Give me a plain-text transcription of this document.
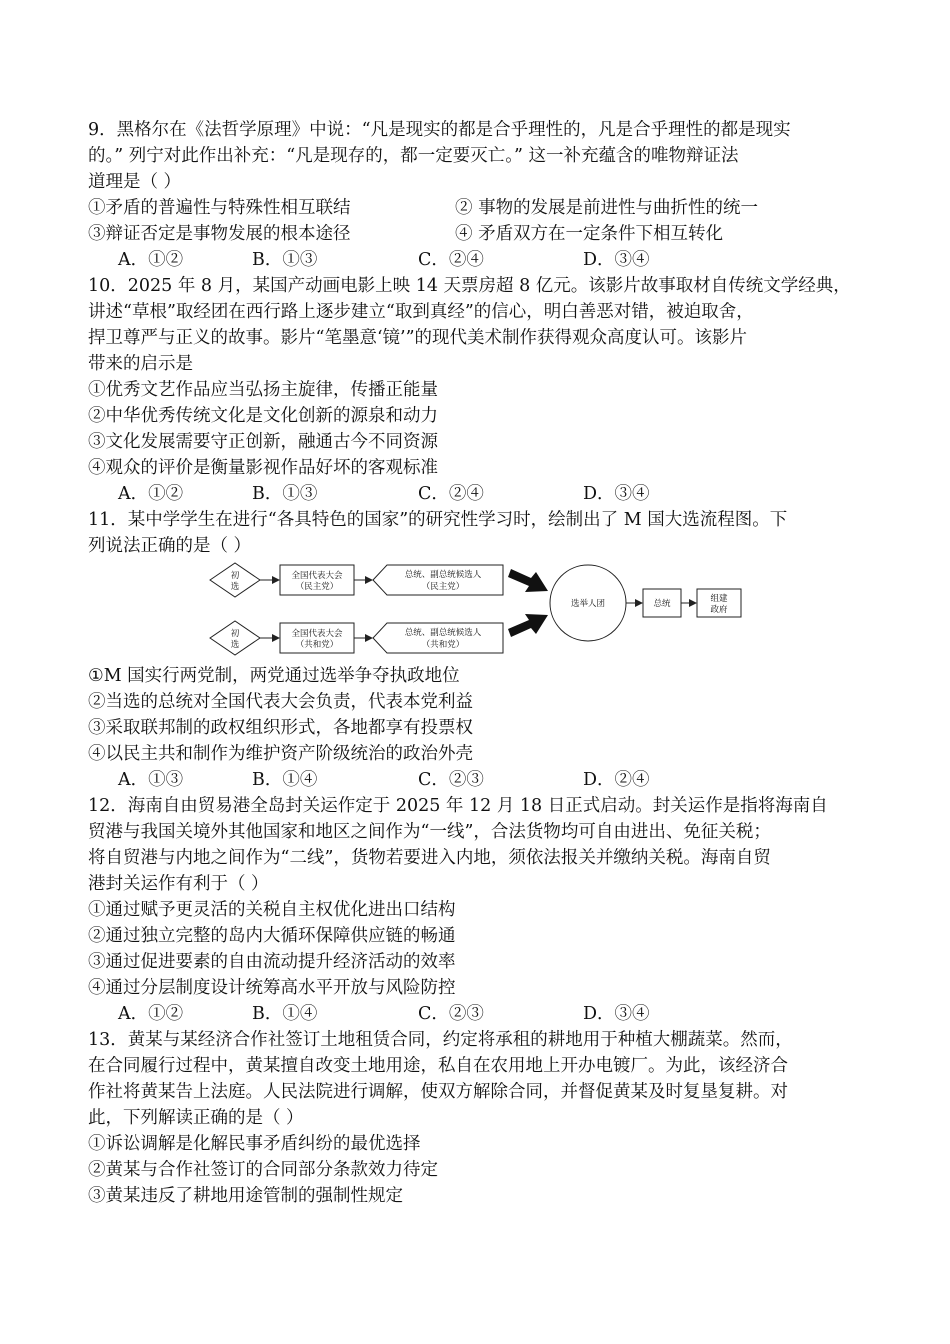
9．黑格尔在《法哲学原理》中说：“凡是现实的都是合乎理性的，凡是合乎理性的都是现实
的。” 列宁对此作出补充：“凡是现存的，都一定要灭亡。” 这一补充蕴含的唯物辩证法
道理是（ ）
①矛盾的普遍性与特殊性相互联结	② 事物的发展是前进性与曲折性的统一
③辩证否定是事物发展的根本途径	④ 矛盾双方在一定条件下相互转化
A．①②	B．①③	C．②④	D．③④
10．2025 年 8 月，某国产动画电影上映 14 天票房超 8 亿元。该影片故事取材自传统文学经典，
讲述“草根”取经团在西行路上逐步建立“取到真经”的信心，明白善恶对错，被迫取舍，
捍卫尊严与正义的故事。影片“笔墨意‘镜’”的现代美术制作获得观众高度认可。该影片
带来的启示是
①优秀文艺作品应当弘扬主旋律，传播正能量
②中华优秀传统文化是文化创新的源泉和动力
③文化发展需要守正创新，融通古今不同资源
④观众的评价是衡量影视作品好坏的客观标准
A．①②	B．①③	C．②④	D．③④
11．某中学学生在进行“各具特色的国家”的研究性学习时，绘制出了 M 国大选流程图。下
列说法正确的是（ ）
初
选
全国代表大会
（民主党）
总统、副总统候选人
（民主党）
初
选
全国代表大会
（共和党）
总统、副总统候选人
（共和党）
选举人团	总统	组建
政府
①M 国实行两党制，两党通过选举争夺执政地位
②当选的总统对全国代表大会负责，代表本党利益
③采取联邦制的政权组织形式，各地都享有投票权
④以民主共和制作为维护资产阶级统治的政治外壳
A．①③	B．①④	C．②③	D．②④
12．海南自由贸易港全岛封关运作定于 2025 年 12 月 18 日正式启动。封关运作是指将海南自
贸港与我国关境外其他国家和地区之间作为“一线”，合法货物均可自由进出、免征关税；
将自贸港与内地之间作为“二线”，货物若要进入内地，须依法报关并缴纳关税。海南自贸
港封关运作有利于（ ）
①通过赋予更灵活的关税自主权优化进出口结构
②通过独立完整的岛内大循环保障供应链的畅通
③通过促进要素的自由流动提升经济活动的效率
④通过分层制度设计统筹高水平开放与风险防控
A．①②	B．①④	C．②③	D．③④
13．黄某与某经济合作社签订土地租赁合同，约定将承租的耕地用于种植大棚蔬菜。然而，
在合同履行过程中，黄某擅自改变土地用途，私自在农用地上开办电镀厂。为此，该经济合
作社将黄某告上法庭。人民法院进行调解，使双方解除合同，并督促黄某及时复垦复耕。对
此，下列解读正确的是（ ）
①诉讼调解是化解民事矛盾纠纷的最优选择
②黄某与合作社签订的合同部分条款效力待定
③黄某违反了耕地用途管制的强制性规定
